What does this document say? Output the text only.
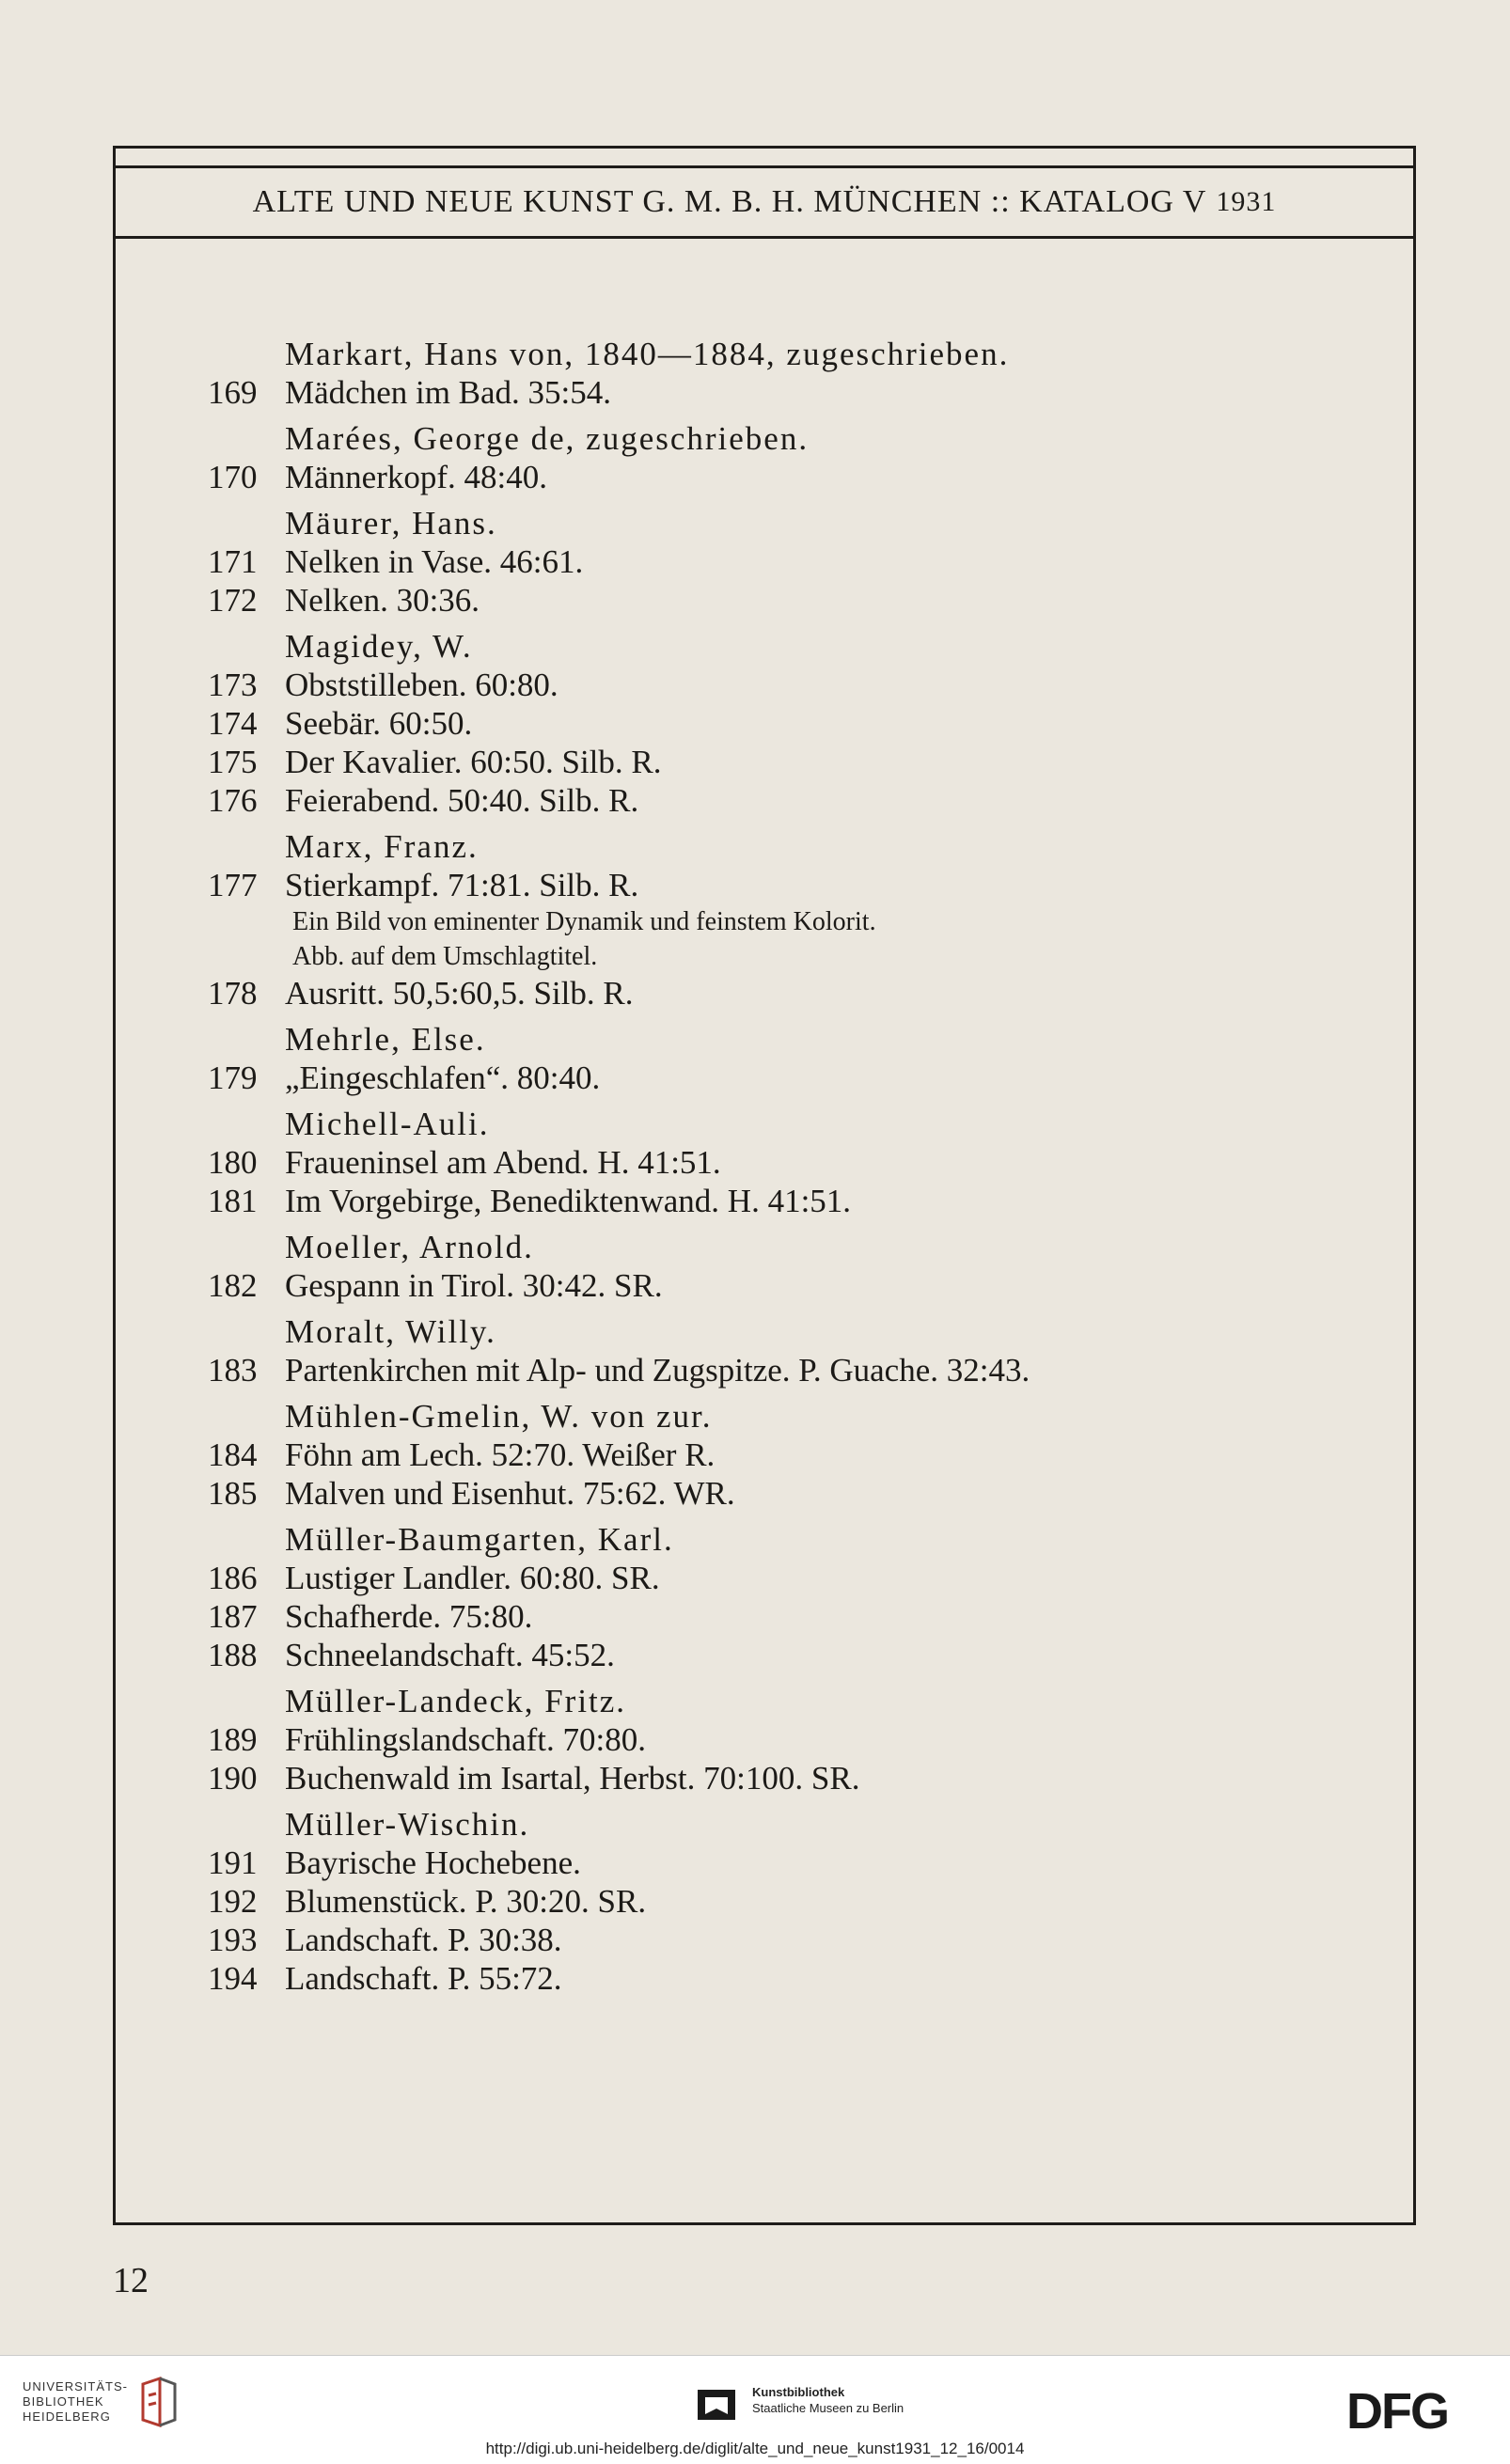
ALTE UND NEUE KUNST G. M. B. H. MÜNCHEN :: KATALOG V 1931
Markart, Hans von, 1840—1884, zugeschrieben.
169 Mädchen im Bad. 35:54.
Marées, George de, zugeschrieben.
170 Männerkopf. 48:40.
Mäurer, Hans.
171 Nelken in Vase. 46:61.
172 Nelken. 30:36.
Magidey, W.
173 Obststilleben. 60:80.
174 Seebär. 60:50.
175 Der Kavalier. 60:50. Silb. R.
176 Feierabend. 50:40. Silb. R.
Marx, Franz.
177 Stierkampf. 71:81. Silb. R.
Ein Bild von eminenter Dynamik und feinstem Kolorit.
Abb. auf dem Umschlagtitel.
178 Ausritt. 50,5:60,5. Silb. R.
Mehrle, Else.
179 „Eingeschlafen“. 80:40.
Michell-Auli.
180 Fraueninsel am Abend. H. 41:51.
181 Im Vorgebirge, Benediktenwand. H. 41:51.
Moeller, Arnold.
182 Gespann in Tirol. 30:42. SR.
Moralt, Willy.
183 Partenkirchen mit Alp- und Zugspitze. P. Guache. 32:43.
Mühlen-Gmelin, W. von zur.
184 Föhn am Lech. 52:70. Weißer R.
185 Malven und Eisenhut. 75:62. WR.
Müller-Baumgarten, Karl.
186 Lustiger Landler. 60:80. SR.
187 Schafherde. 75:80.
188 Schneelandschaft. 45:52.
Müller-Landeck, Fritz.
189 Frühlingslandschaft. 70:80.
190 Buchenwald im Isartal, Herbst. 70:100. SR.
Müller-Wischin.
191 Bayrische Hochebene.
192 Blumenstück. P. 30:20. SR.
193 Landschaft. P. 30:38.
194 Landschaft. P. 55:72.
12
UNIVERSITÄTS-
BIBLIOTHEK
HEIDELBERG
Kunstbibliothek
Staatliche Museen zu Berlin	DFG
http://digi.ub.uni-heidelberg.de/diglit/alte_und_neue_kunst1931_12_16/0014
